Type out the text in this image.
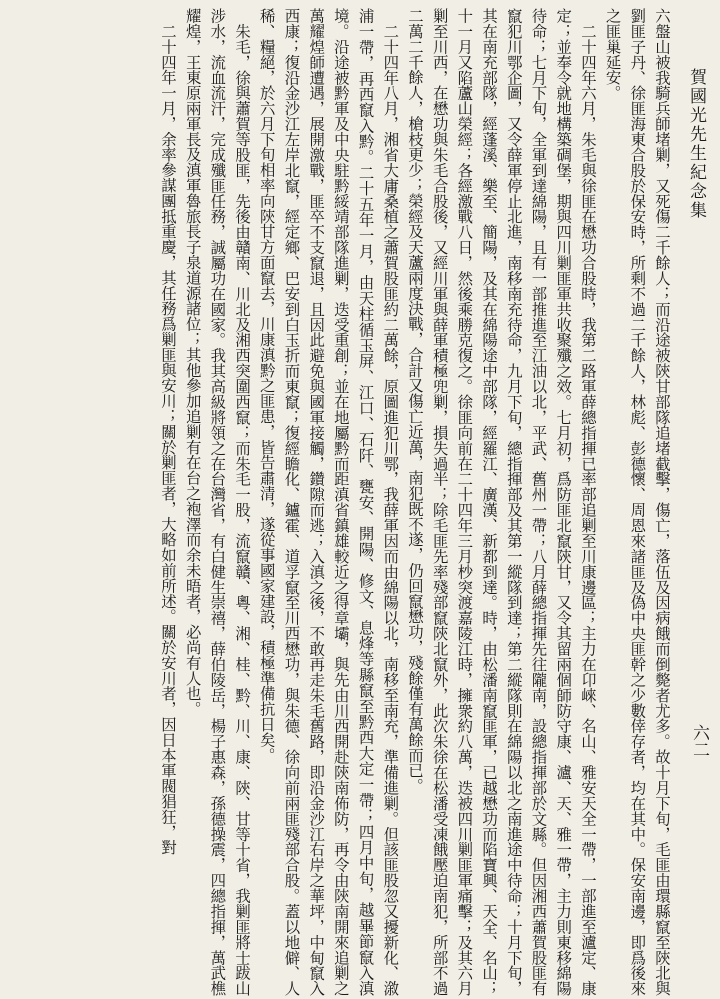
賀國光先生紀念集
六盤山被我騎兵師堵剿，又死傷二千餘人；而沿途被陝甘部隊追堵截擊，傷亡，落伍及因病餓而倒斃者尤多。故十月下旬，毛匪由環縣竄至陝北與劉匪子丹、徐匪海東合股於保安時，所剩不過二千餘人，林彪、彭德懷、周恩來諸匪及偽中央匪幹之少數倖存者，均在其中。保安南邊，即爲後來之匪巢延安。
　二十四年六月，朱毛與徐匪在懋功合股時，我第二路軍薛總指揮已率部追剿至川康邊區；主力在卬崍、名山、雅安天全一帶，一部進至瀘定、康定；並奉令就地構築碉堡，期與四川剿匪軍共收聚殲之效。七月初，爲防匪北竄陝甘，又令其留兩個師防守康、瀘、天、雅一帶，主力則東移綿陽待命；七月下旬，全軍到達綿陽，且有一部推進至江油以北，平武、舊州一帶；八月薛總指揮先往隴南，設總指揮部於文縣。但因湘西蕭賀股匪有竄犯川鄂企圖，又令薛軍停止北進，南移南充待命，九月下旬，總指揮部及其第一縱隊到達；第二縱隊則在綿陽以北之南進途中待命；十月下旬，其在南充部隊，經蓬溪、樂至、簡陽，及其在綿陽途中部隊，經羅江、廣漢、新都到達。時，由松潘南竄匪軍，已越懋功而陷寶興、天全、名山；十一月又陷蘆山榮經；各經激戰八日，然後乘勝克復之。徐匪向前在二十四年三月杪突渡嘉陵江時，擁衆約八萬，迭被四川剿匪軍痛擊；及其六月剿至川西，在懋功與朱毛合股後，又經川軍與薛軍積極兜剿，損失過半；除毛匪先率殘部竄陝北竄外，此次朱徐在松潘受凍餓壓迫南犯，所部不過二萬二千餘人，槍枝更少；榮經及天蘆兩度決戰，合計又傷亡近萬，南犯既不遂，仍回竄懋功，殘餘僅有萬餘而已。
　二十四年八月，湘省大庸桑植之蕭賀股匪約二萬餘，原圖進犯川鄂，我薛軍因而由綿陽以北，南移至南充，準備進剿。但該匪股忽又擾新化、漵浦一帶，再西竄入黔。二十五年一月，由天柱循玉屏、江口、石阡、甕安、開陽、修文、息烽等縣竄至黔西大定一帶；四月中旬，越畢節竄入滇境。沿途被黔軍及中央駐黔綏靖部隊進剿，迭受重創；並在地屬黔而距滇省鎮雄較近之得章壩，與先由川西開赴陝南佈防，再令由陝南開來追剿之萬耀煌師遭遇，展開激戰，匪卒不支竄退，且因此避免與國軍接觸，鑽隙而逃；入滇之後，不敢再走朱毛舊路，即沿金沙江右岸之華坪，中甸竄入西康；復沿金沙江左岸北竄，經定鄉、巴安到白玉折而東竄；復經瞻化、鑪霍、道孚竄至川西懋功，與朱德、徐向前兩匪殘部合股。蓋以地僻、人稀、糧絕，於六月下旬相率向陝甘方面竄去，川康滇黔之匪患，皆告肅清，遂從事國家建設，積極準備抗日矣。
　朱毛，徐與蕭賀等股匪，先後由贛南、川北及湘西突圍西竄；而朱毛一股，流竄贛、粵、湘、桂、黔、川、康、陝、甘等十省，我剿匪將士跋山涉水，流血流汗，完成殲匪任務，誠屬功在國家。我其高級將領之在台灣省，有白健生崇禧，薛伯陵岳，楊子惠森，孫德操震，四總指揮，萬武樵耀煌，王東原兩軍長及滇軍魯旅長子泉道源諸位；其他參加追剿有在台之袍澤而余未晤者，必尚有人也。
　二十四年一月，余率參謀團抵重慶，其任務爲剿匪與安川；關於剿匪者，大略如前所述。關於安川者，因日本軍閥猖狂，對	六二
